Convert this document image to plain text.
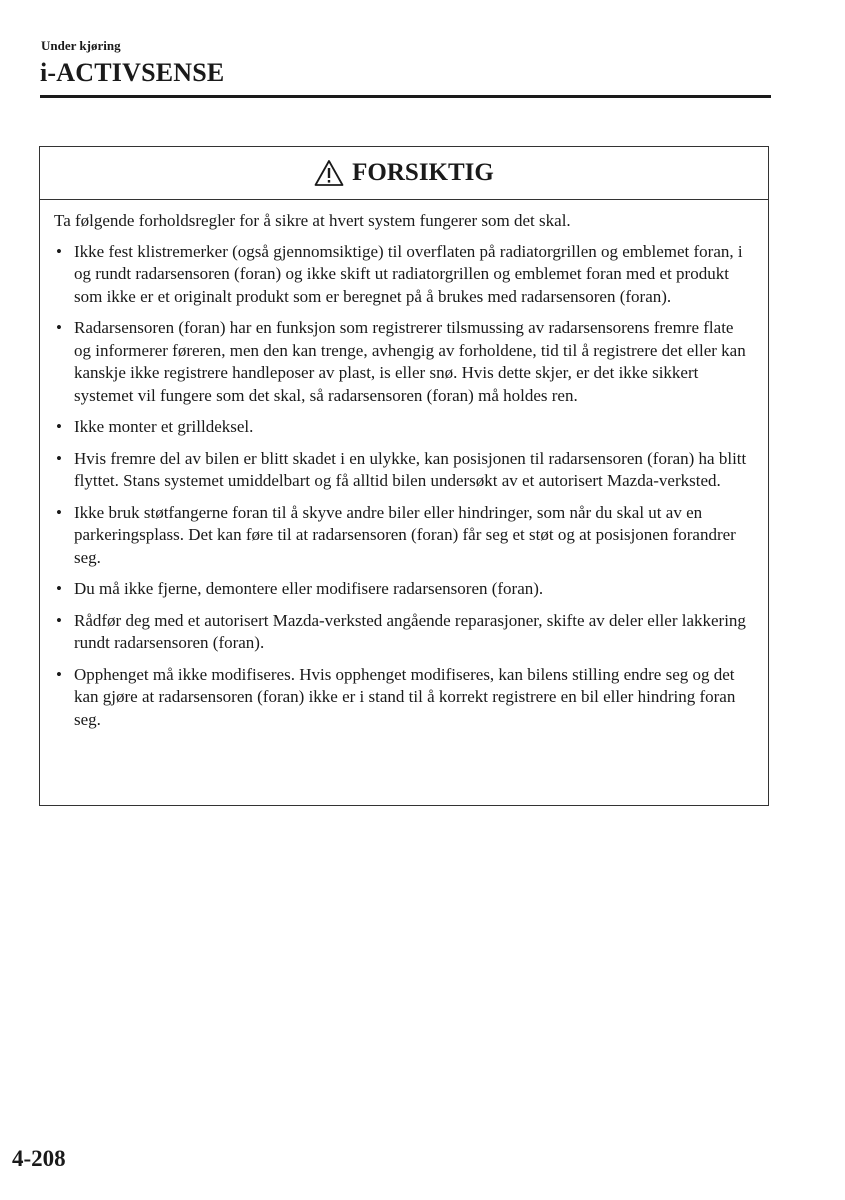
Under kjøring
i-ACTIVSENSE
FORSIKTIG

Ta følgende forholdsregler for å sikre at hvert system fungerer som det skal.

• Ikke fest klistremerker (også gjennomsiktige) til overflaten på radiatorgrillen og emblemet foran, i og rundt radarsensoren (foran) og ikke skift ut radiatorgrillen og emblemet foran med et produkt som ikke er et originalt produkt som er beregnet på å brukes med radarsensoren (foran).
• Radarsensoren (foran) har en funksjon som registrerer tilsmussing av radarsensorens fremre flate og informerer føreren, men den kan trenge, avhengig av forholdene, tid til å registrere det eller kan kanskje ikke registrere handleposer av plast, is eller snø. Hvis dette skjer, er det ikke sikkert systemet vil fungere som det skal, så radarsensoren (foran) må holdes ren.
• Ikke monter et grilldeksel.
• Hvis fremre del av bilen er blitt skadet i en ulykke, kan posisjonen til radarsensoren (foran) ha blitt flyttet. Stans systemet umiddelbart og få alltid bilen undersøkt av et autorisert Mazda-verksted.
• Ikke bruk støtfangerne foran til å skyve andre biler eller hindringer, som når du skal ut av en parkeringsplass. Det kan føre til at radarsensoren (foran) får seg et støt og at posisjonen forandrer seg.
• Du må ikke fjerne, demontere eller modifisere radarsensoren (foran).
• Rådfør deg med et autorisert Mazda-verksted angående reparasjoner, skifte av deler eller lakkering rundt radarsensoren (foran).
• Opphenget må ikke modifiseres. Hvis opphenget modifiseres, kan bilens stilling endre seg og det kan gjøre at radarsensoren (foran) ikke er i stand til å korrekt registrere en bil eller hindring foran seg.
4-208
